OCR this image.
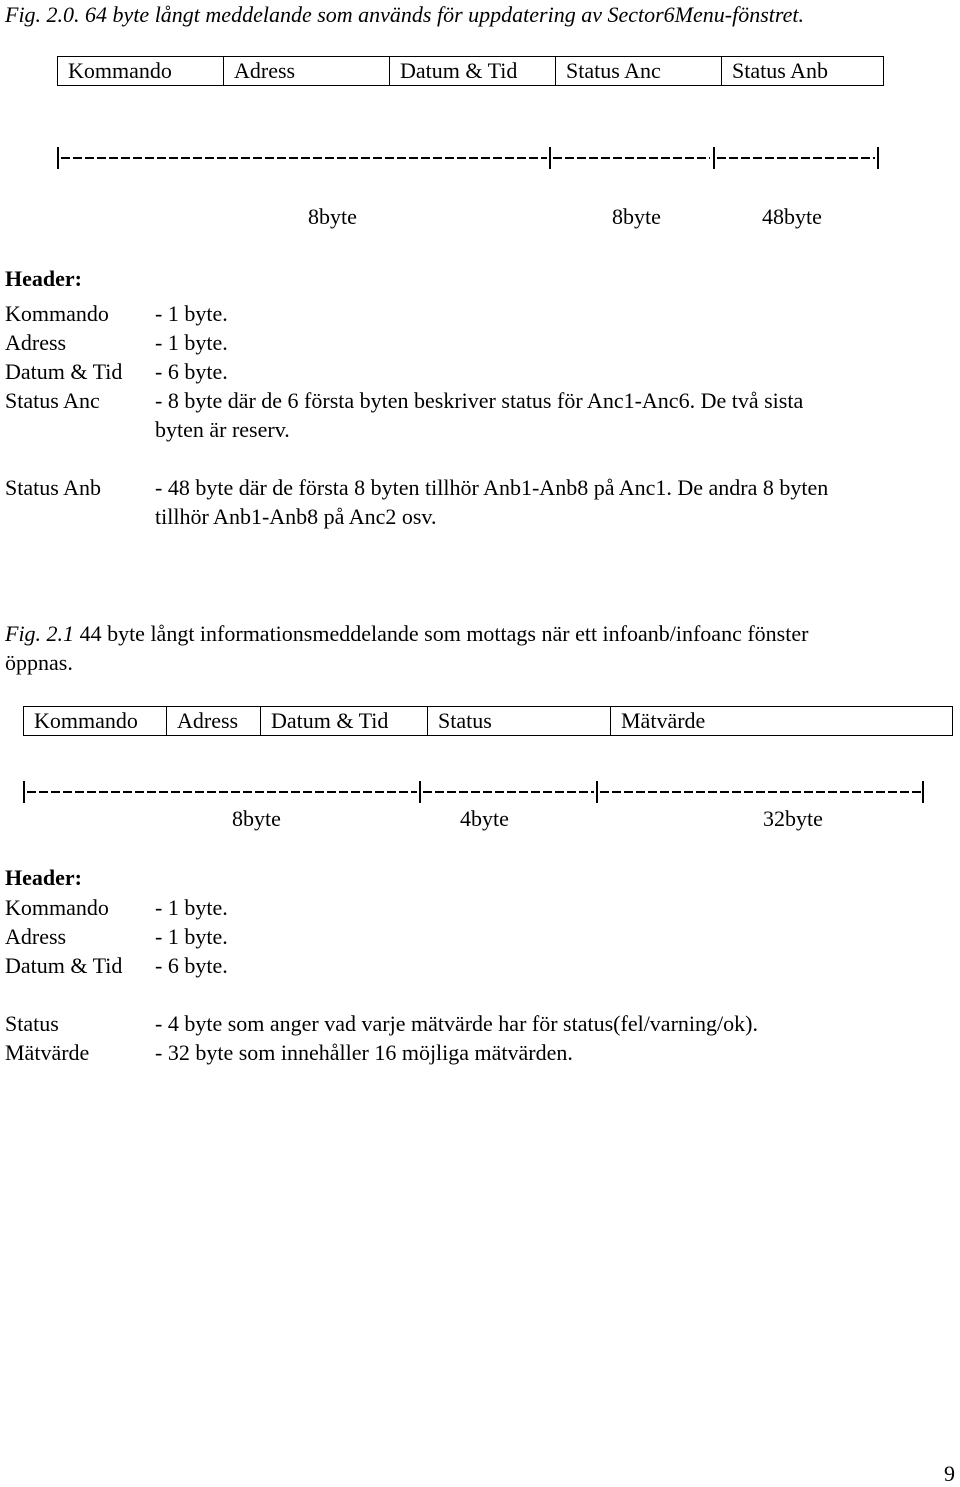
Fig. 2.0. 64 byte långt meddelande som används för uppdatering av Sector6Menu-fönstret.
Kommando	Adress	Datum & Tid	Status Anc	Status Anb
8byte	8byte	48byte
Header:
Kommando - 1 byte.
Adress	- 1 byte.
Datum & Tid - 6 byte.
Status Anc	- 8 byte där de 6 första byten beskriver status för Anc1-Anc6. De två sista
byten är reserv.
Status Anb - 48 byte där de första 8 byten tillhör Anb1-Anb8 på Anc1. De andra 8 byten
tillhör Anb1-Anb8 på Anc2 osv.
Fig. 2.1 44 byte långt informationsmeddelande som mottags när ett infoanb/infoanc fönster
öppnas.
Kommando	Adress	Datum & Tid	Status	Mätvärde
8byte	4byte	32byte
Header:
Kommando - 1 byte.
Adress	- 1 byte.
Datum & Tid - 6 byte.
Status	- 4 byte som anger vad varje mätvärde har för status(fel/varning/ok).
Mätvärde	- 32 byte som innehåller 16 möjliga mätvärden.
9
